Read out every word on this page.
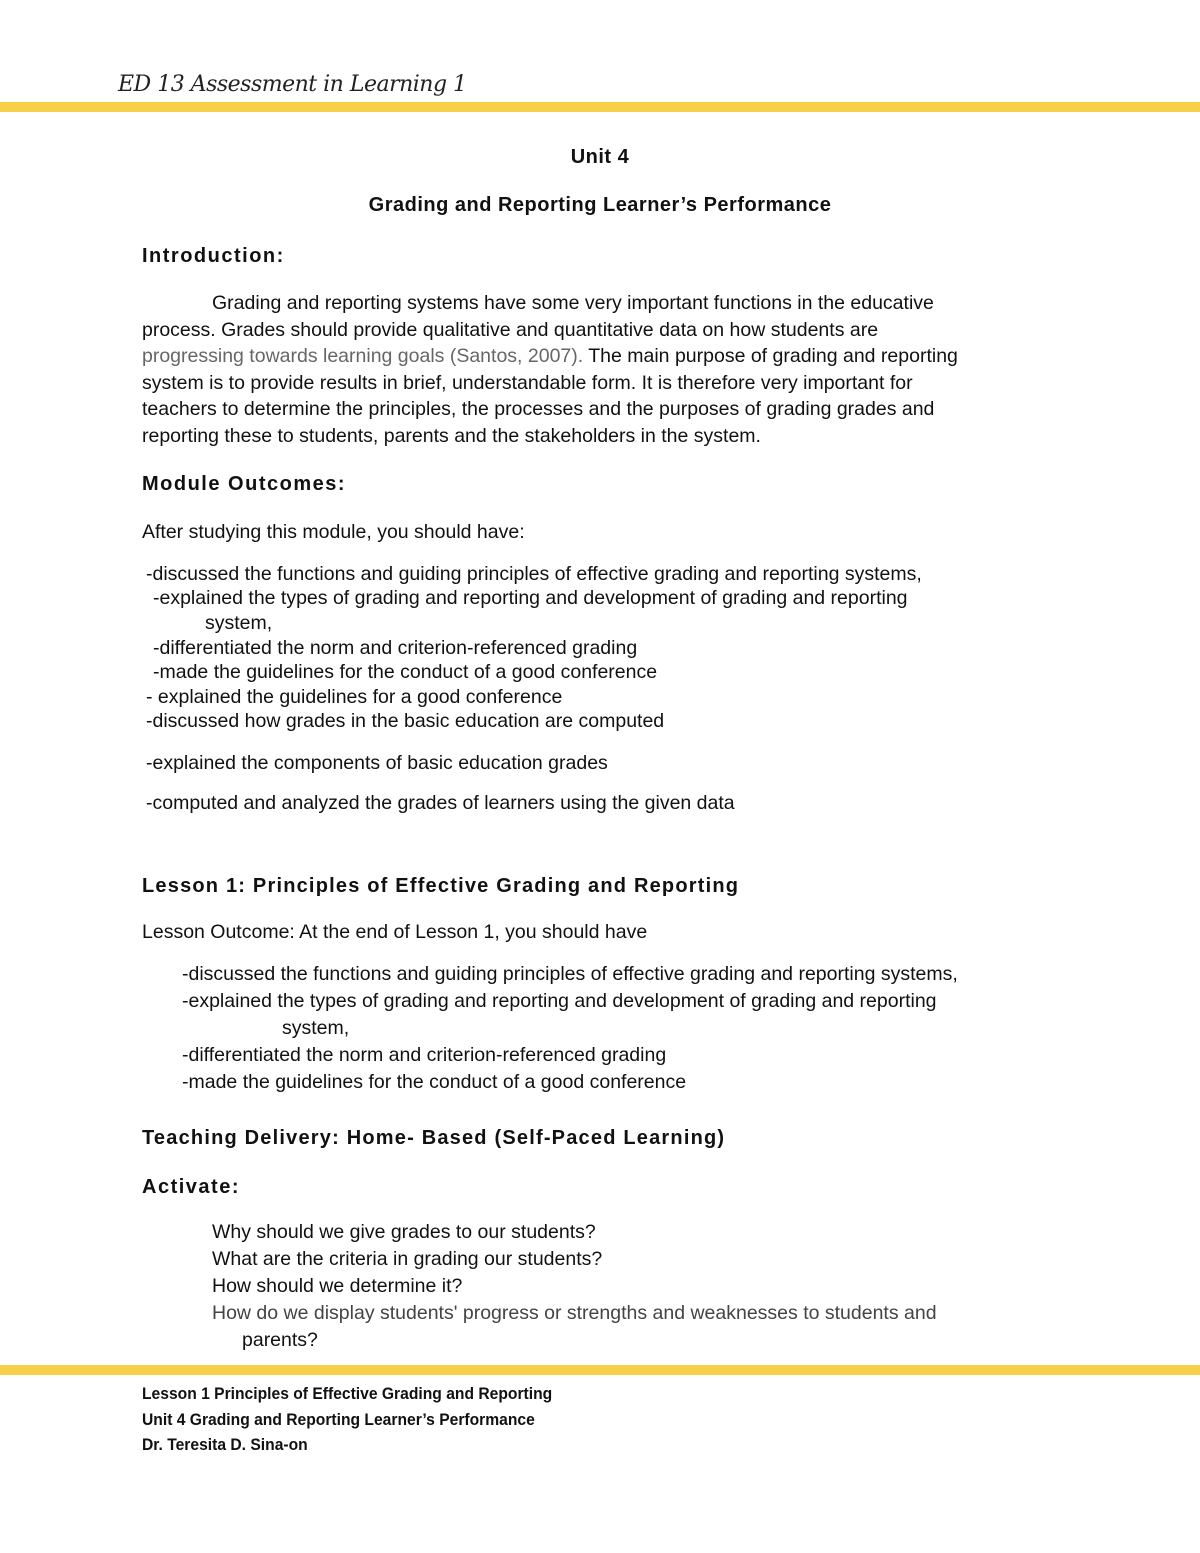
ED 13 Assessment in Learning 1
Unit 4
Grading and Reporting Learner’s Performance
Introduction:
Grading and reporting systems have some very important functions in the educative
process. Grades should provide qualitative and quantitative data on how students are
progressing towards learning goals (Santos, 2007). The main purpose of grading and reporting
system is to provide results in brief, understandable form. It is therefore very important for
teachers to determine the principles, the processes and the purposes of grading grades and
reporting these to students, parents and the stakeholders in the system.
Module Outcomes:
After studying this module, you should have:
-discussed the functions and guiding principles of effective grading and reporting systems,
-explained the types of grading and reporting and development of grading and reporting
system,
-differentiated the norm and criterion-referenced grading
-made the guidelines for the conduct of a good conference
- explained the guidelines for a good conference
-discussed how grades in the basic education are computed
-explained the components of basic education grades
-computed and analyzed the grades of learners using the given data
Lesson 1: Principles of Effective Grading and Reporting
Lesson Outcome: At the end of Lesson 1, you should have
-discussed the functions and guiding principles of effective grading and reporting systems,
-explained the types of grading and reporting and development of grading and reporting
system,
-differentiated the norm and criterion-referenced grading
-made the guidelines for the conduct of a good conference
Teaching Delivery: Home- Based (Self-Paced Learning)
Activate:
Why should we give grades to our students?
What are the criteria in grading our students?
How should we determine it?
How do we display students' progress or strengths and weaknesses to students and
parents?
Lesson 1 Principles of Effective Grading and Reporting
Unit 4 Grading and Reporting Learner’s Performance
Dr. Teresita D. Sina-on
